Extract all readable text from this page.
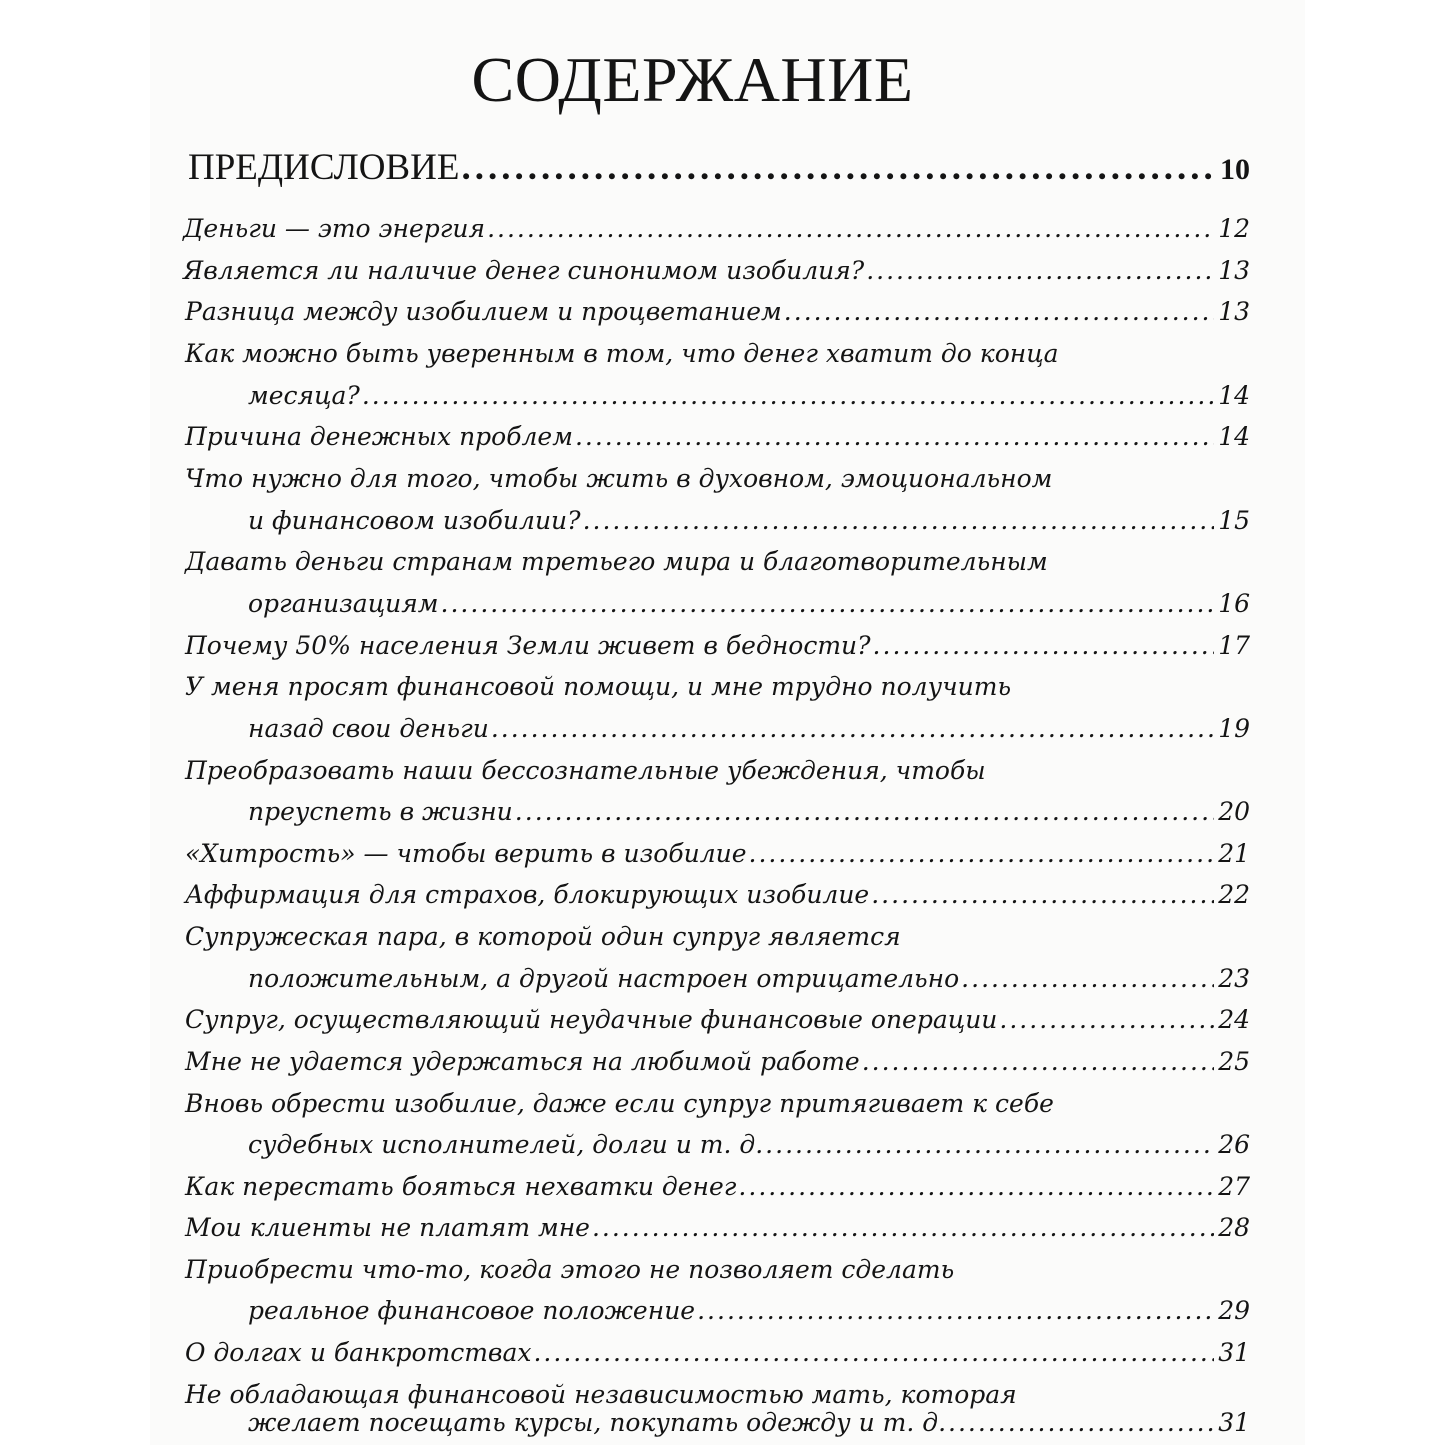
СОДЕРЖАНИЕ
ПРЕДИСЛОВИЕ .....	10
Деньги — это энергия .....	12
Является ли наличие денег синонимом изобилия? .....	13
Разница между изобилием и процветанием .....	13
Как можно быть уверенным в том, что денег хватит до конца
месяца? .....	14
Причина денежных проблем .....	14
Что нужно для того, чтобы жить в духовном, эмоциональном
и финансовом изобилии? .....	15
Давать деньги странам третьего мира и благотворительным
организациям .....	16
Почему 50% населения Земли живет в бедности? .....	17
У меня просят финансовой помощи, и мне трудно получить
назад свои деньги .....	19
Преобразовать наши бессознательные убеждения, чтобы
преуспеть в жизни .....	20
«Хитрость» — чтобы верить в изобилие .....	21
Аффирмация для страхов, блокирующих изобилие .....	22
Супружеская пара, в которой один супруг является
положительным, а другой настроен отрицательно .....	23
Супруг, осуществляющий неудачные финансовые операции .....	24
Мне не удается удержаться на любимой работе .....	25
Вновь обрести изобилие, даже если супруг притягивает к себе
судебных исполнителей, долги и т. д. .....	26
Как перестать бояться нехватки денег .....	27
Мои клиенты не платят мне .....	28
Приобрести что-то, когда этого не позволяет сделать
реальное финансовое положение .....	29
О долгах и банкротствах .....	31
Не обладающая финансовой независимостью мать, которая
желает посещать курсы, покупать одежду и т. д. .....	31
